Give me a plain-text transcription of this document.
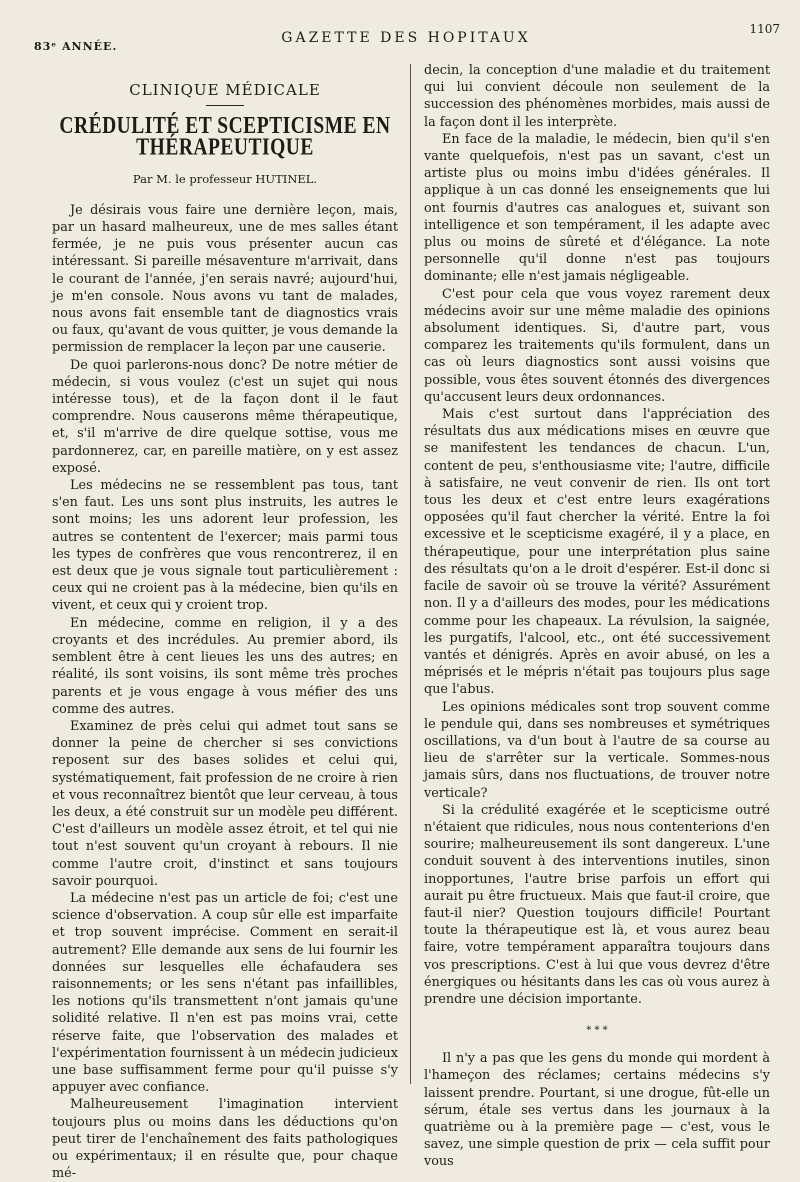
83ᵉ ANNÉE.
GAZETTE DES HOPITAUX
1107
CLINIQUE MÉDICALE
CRÉDULITÉ ET SCEPTICISME EN THÉRAPEUTIQUE
Par M. le professeur HUTINEL.

Je désirais vous faire une dernière leçon, mais, par un hasard malheureux, une de mes salles étant fermée, je ne puis vous présenter aucun cas intéressant. Si pareille mésaventure m'arrivait, dans le courant de l'année, j'en serais navré; aujourd'hui, je m'en console. Nous avons vu tant de malades, nous avons fait ensemble tant de diagnostics vrais ou faux, qu'avant de vous quitter, je vous demande la permission de remplacer la leçon par une causerie.

De quoi parlerons-nous donc? De notre métier de médecin, si vous voulez (c'est un sujet qui nous intéresse tous), et de la façon dont il le faut comprendre. Nous causerons même thérapeutique, et, s'il m'arrive de dire quelque sottise, vous me pardonnerez, car, en pareille matière, on y est assez exposé.

Les médecins ne se ressemblent pas tous, tant s'en faut. Les uns sont plus instruits, les autres le sont moins; les uns adorent leur profession, les autres se contentent de l'exercer; mais parmi tous les types de confrères que vous rencontrerez, il en est deux que je vous signale tout particulièrement : ceux qui ne croient pas à la médecine, bien qu'ils en vivent, et ceux qui y croient trop.

En médecine, comme en religion, il y a des croyants et des incrédules. Au premier abord, ils semblent être à cent lieues les uns des autres; en réalité, ils sont voisins, ils sont même très proches parents et je vous engage à vous méfier des uns comme des autres.

Examinez de près celui qui admet tout sans se donner la peine de chercher si ses convictions reposent sur des bases solides et celui qui, systématiquement, fait profession de ne croire à rien et vous reconnaîtrez bientôt que leur cerveau, à tous les deux, a été construit sur un modèle peu différent. C'est d'ailleurs un modèle assez étroit, et tel qui nie tout n'est souvent qu'un croyant à rebours. Il nie comme l'autre croit, d'instinct et sans toujours savoir pourquoi.

La médecine n'est pas un article de foi; c'est une science d'observation. A coup sûr elle est imparfaite et trop souvent imprécise. Comment en serait-il autrement? Elle demande aux sens de lui fournir les données sur lesquelles elle échafaudera ses raisonnements; or les sens n'étant pas infaillibles, les notions qu'ils transmettent n'ont jamais qu'une solidité relative. Il n'en est pas moins vrai, cette réserve faite, que l'observation des malades et l'expérimentation fournissent à un médecin judicieux une base suffisamment ferme pour qu'il puisse s'y appuyer avec confiance.

Malheureusement l'imagination intervient toujours plus ou moins dans les déductions qu'on peut tirer de l'enchaînement des faits pathologiques ou expérimentaux; il en résulte que, pour chaque mé-

decin, la conception d'une maladie et du traitement qui lui convient découle non seulement de la succession des phénomènes morbides, mais aussi de la façon dont il les interprète.

En face de la maladie, le médecin, bien qu'il s'en vante quelquefois, n'est pas un savant, c'est un artiste plus ou moins imbu d'idées générales. Il applique à un cas donné les enseignements que lui ont fournis d'autres cas analogues et, suivant son intelligence et son tempérament, il les adapte avec plus ou moins de sûreté et d'élégance. La note personnelle qu'il donne n'est pas toujours dominante; elle n'est jamais négligeable.

C'est pour cela que vous voyez rarement deux médecins avoir sur une même maladie des opinions absolument identiques. Si, d'autre part, vous comparez les traitements qu'ils formulent, dans un cas où leurs diagnostics sont aussi voisins que possible, vous êtes souvent étonnés des divergences qu'accusent leurs deux ordonnances.

Mais c'est surtout dans l'appréciation des résultats dus aux médications mises en œuvre que se manifestent les tendances de chacun. L'un, content de peu, s'enthousiasme vite; l'autre, difficile à satisfaire, ne veut convenir de rien. Ils ont tort tous les deux et c'est entre leurs exagérations opposées qu'il faut chercher la vérité. Entre la foi excessive et le scepticisme exagéré, il y a place, en thérapeutique, pour une interprétation plus saine des résultats qu'on a le droit d'espérer. Est-il donc si facile de savoir où se trouve la vérité? Assurément non. Il y a d'ailleurs des modes, pour les médications comme pour les chapeaux. La révulsion, la saignée, les purgatifs, l'alcool, etc., ont été successivement vantés et dénigrés. Après en avoir abusé, on les a méprisés et le mépris n'était pas toujours plus sage que l'abus.

Les opinions médicales sont trop souvent comme le pendule qui, dans ses nombreuses et symétriques oscillations, va d'un bout à l'autre de sa course au lieu de s'arrêter sur la verticale. Sommes-nous jamais sûrs, dans nos fluctuations, de trouver notre verticale?

Si la crédulité exagérée et le scepticisme outré n'étaient que ridicules, nous nous contenterions d'en sourire; malheureusement ils sont dangereux. L'une conduit souvent à des interventions inutiles, sinon inopportunes, l'autre brise parfois un effort qui aurait pu être fructueux. Mais que faut-il croire, que faut-il nier? Question toujours difficile! Pourtant toute la thérapeutique est là, et vous aurez beau faire, votre tempérament apparaîtra toujours dans vos prescriptions. C'est à lui que vous devrez d'être énergiques ou hésitants dans les cas où vous aurez à prendre une décision importante.

* * *

Il n'y a pas que les gens du monde qui mordent à l'hameçon des réclames; certains médecins s'y laissent prendre. Pourtant, si une drogue, fût-elle un sérum, étale ses vertus dans les journaux à la quatrième ou à la première page — c'est, vous le savez, une simple question de prix — cela suffit pour vous
